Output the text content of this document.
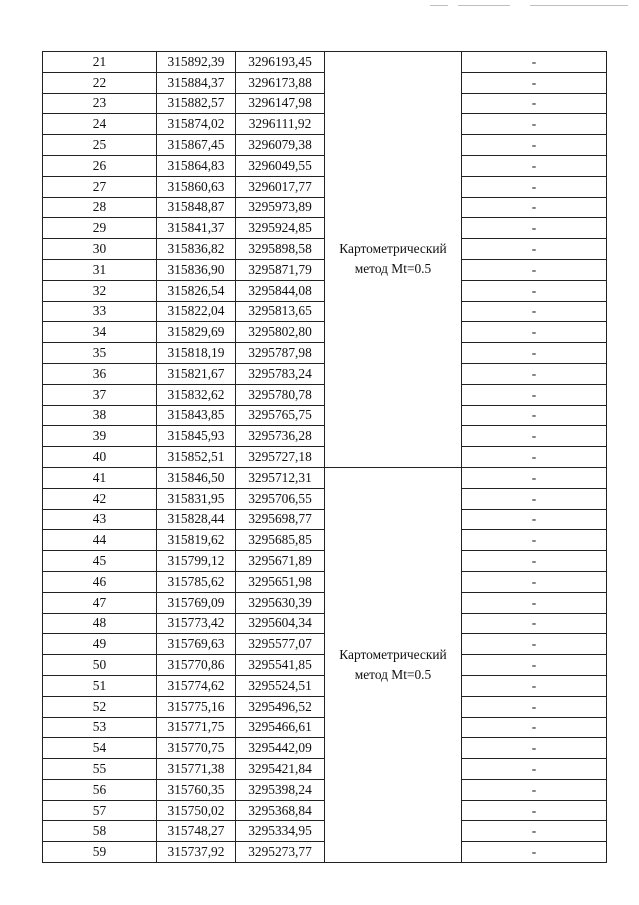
21	315892,39	3296193,45	Картометрический метод Mt=0.5	-
22	315884,37	3296173,88		-
23	315882,57	3296147,98		-
24	315874,02	3296111,92		-
25	315867,45	3296079,38		-
26	315864,83	3296049,55		-
27	315860,63	3296017,77		-
28	315848,87	3295973,89		-
29	315841,37	3295924,85		-
30	315836,82	3295898,58		-
31	315836,90	3295871,79		-
32	315826,54	3295844,08		-
33	315822,04	3295813,65		-
34	315829,69	3295802,80		-
35	315818,19	3295787,98		-
36	315821,67	3295783,24		-
37	315832,62	3295780,78		-
38	315843,85	3295765,75		-
39	315845,93	3295736,28		-
40	315852,51	3295727,18		-
41	315846,50	3295712,31	Картометрический метод Mt=0.5	-
42	315831,95	3295706,55		-
43	315828,44	3295698,77		-
44	315819,62	3295685,85		-
45	315799,12	3295671,89		-
46	315785,62	3295651,98		-
47	315769,09	3295630,39		-
48	315773,42	3295604,34		-
49	315769,63	3295577,07		-
50	315770,86	3295541,85		-
51	315774,62	3295524,51		-
52	315775,16	3295496,52		-
53	315771,75	3295466,61		-
54	315770,75	3295442,09		-
55	315771,38	3295421,84		-
56	315760,35	3295398,24		-
57	315750,02	3295368,84		-
58	315748,27	3295334,95		-
59	315737,92	3295273,77		-
